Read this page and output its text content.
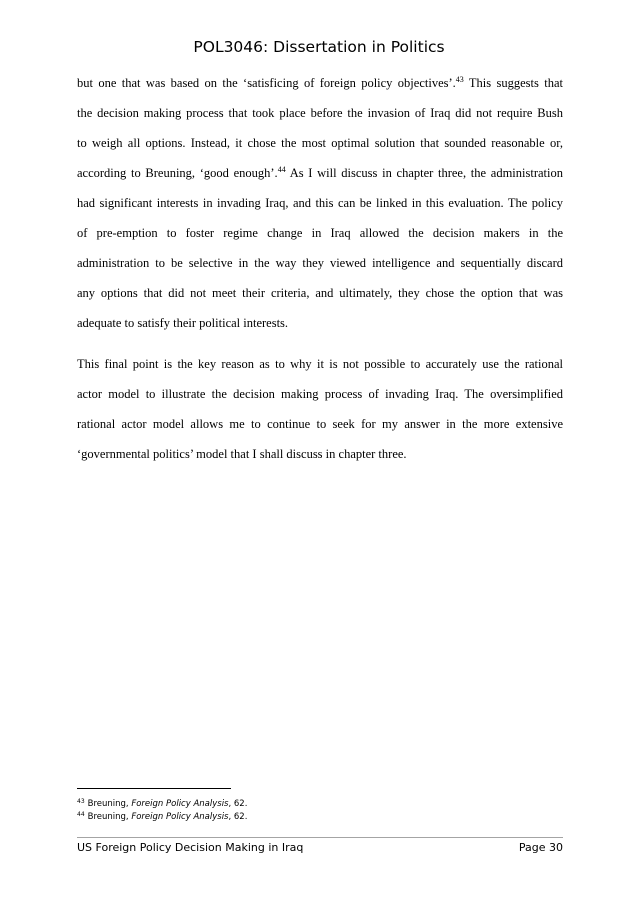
POL3046: Dissertation in Politics
but one that was based on the ‘satisficing of foreign policy objectives’.$^{43}$ This suggests that
the decision making process that took place before the invasion of Iraq did not require Bush
to weigh all options. Instead, it chose the most optimal solution that sounded reasonable or,
according to Breuning, ‘good enough’.$^{44}$ As I will discuss in chapter three, the administration
had significant interests in invading Iraq, and this can be linked in this evaluation. The policy
of pre-emption to foster regime change in Iraq allowed the decision makers in the
administration to be selective in the way they viewed intelligence and sequentially discard
any options that did not meet their criteria, and ultimately, they chose the option that was
adequate to satisfy their political interests.
This final point is the key reason as to why it is not possible to accurately use the rational
actor model to illustrate the decision making process of invading Iraq. The oversimplified
rational actor model allows me to continue to seek for my answer in the more extensive
‘governmental politics’ model that I shall discuss in chapter three.
$^{43}$ Breuning, Foreign Policy Analysis, 62.
$^{44}$ Breuning, Foreign Policy Analysis, 62.
US Foreign Policy Decision Making in Iraq	Page 30
